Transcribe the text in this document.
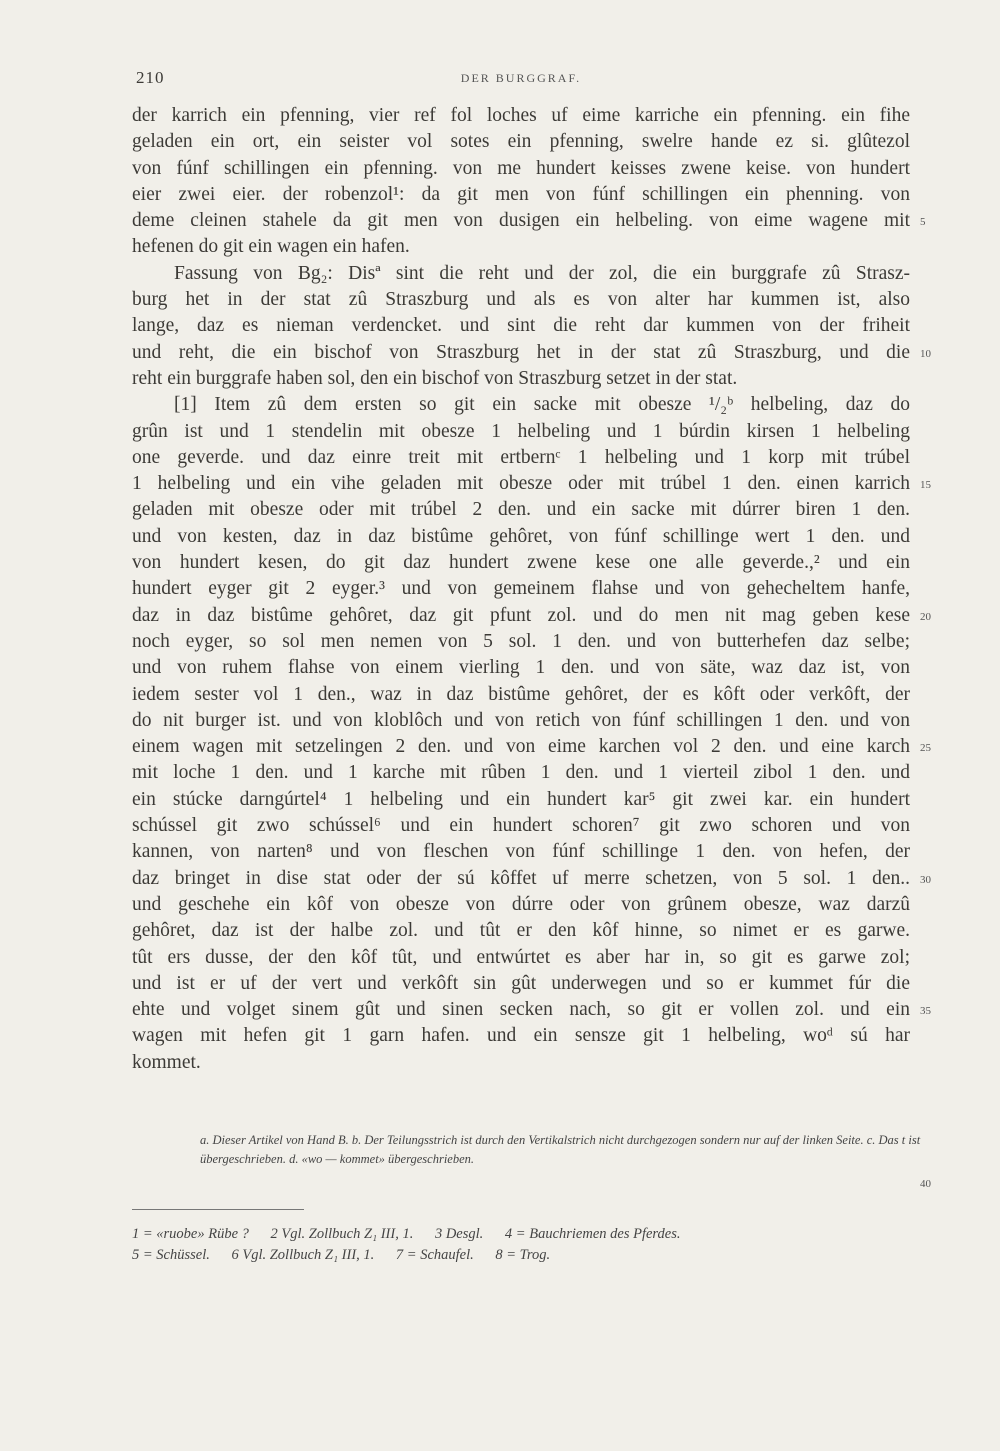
210	DER BURGGRAF.
der karrich ein pfenning, vier ref fol loches uf eime karriche ein pfenning. ein fihe
geladen ein ort, ein seister vol sotes ein pfenning, swelre hande ez si. glûtezol
von fúnf schillingen ein pfenning. von me hundert keisses zwene keise. von hundert
eier zwei eier. der robenzol¹: da git men von fúnf schillingen ein phenning. von
deme cleinen stahele da git men von dusigen ein helbeling. von eime wagene mit
hefenen do git ein wagen ein hafen.
Fassung von Bg₂: Disª sint die reht und der zol, die ein burggrafe zû Strasz-
burg het in der stat zû Straszburg und als es von alter har kummen ist, also
lange, daz es nieman verdencket. und sint die reht dar kummen von der friheit
und reht, die ein bischof von Straszburg het in der stat zû Straszburg, und die
reht ein burggrafe haben sol, den ein bischof von Straszburg setzet in der stat.
[1] Item zû dem ersten so git ein sacke mit obesze ¹/₂ᵇ helbeling, daz do
grûn ist und 1 stendelin mit obesze 1 helbeling und 1 búrdin kirsen 1 helbeling
one geverde. und daz einre treit mit ertbernᶜ 1 helbeling und 1 korp mit trúbel
1 helbeling und ein vihe geladen mit obesze oder mit trúbel 1 den. einen karrich
geladen mit obesze oder mit trúbel 2 den. und ein sacke mit dúrrer biren 1 den.
und von kesten, daz in daz bistûme gehôret, von fúnf schillinge wert 1 den. und
von hundert kesen, do git daz hundert zwene kese one alle geverde.,² und ein
hundert eyger git 2 eyger.³ und von gemeinem flahse und von gehecheltem hanfe,
daz in daz bistûme gehôret, daz git pfunt zol. und do men nit mag geben kese
noch eyger, so sol men nemen von 5 sol. 1 den. und von butterhefen daz selbe;
und von ruhem flahse von einem vierling 1 den. und von säte, waz daz ist, von
iedem sester vol 1 den., waz in daz bistûme gehôret, der es kôft oder verkôft, der
do nit burger ist. und von kloblôch und von retich von fúnf schillingen 1 den. und von
einem wagen mit setzelingen 2 den. und von eime karchen vol 2 den. und eine karch
mit loche 1 den. und 1 karche mit rûben 1 den. und 1 vierteil zibol 1 den. und
ein stúcke darngúrtel⁴ 1 helbeling und ein hundert kar⁵ git zwei kar. ein hundert
schússel git zwo schússel⁶ und ein hundert schoren⁷ git zwo schoren und von
kannen, von narten⁸ und von fleschen von fúnf schillinge 1 den. von hefen, der
daz bringet in dise stat oder der sú kôffet uf merre schetzen, von 5 sol. 1 den..
und geschehe ein kôf von obesze von dúrre oder von grûnem obesze, waz darzû
gehôret, daz ist der halbe zol. und tût er den kôf hinne, so nimet er es garwe.
tût ers dusse, der den kôf tût, und entwúrtet es aber har in, so git es garwe zol;
und ist er uf der vert und verkôft sin gût underwegen und so er kummet fúr die
ehte und volget sinem gût und sinen secken nach, so git er vollen zol. und ein
wagen mit hefen git 1 garn hafen. und ein sensze git 1 helbeling, woᵈ sú har
kommet.
5
10
15
20
25
30
35
40
a. Dieser Artikel von Hand B. b. Der Teilungsstrich ist durch den Vertikalstrich nicht durchgezogen sondern nur auf der linken Seite. c. Das t ist übergeschrieben. d. «wo — kommet» übergeschrieben.
1 = «ruobe» Rübe ? 2 Vgl. Zollbuch Z₁ III, 1. 3 Desgl. 4 = Bauchriemen des Pferdes.
5 = Schüssel. 6 Vgl. Zollbuch Z₁ III, 1. 7 = Schaufel. 8 = Trog.
